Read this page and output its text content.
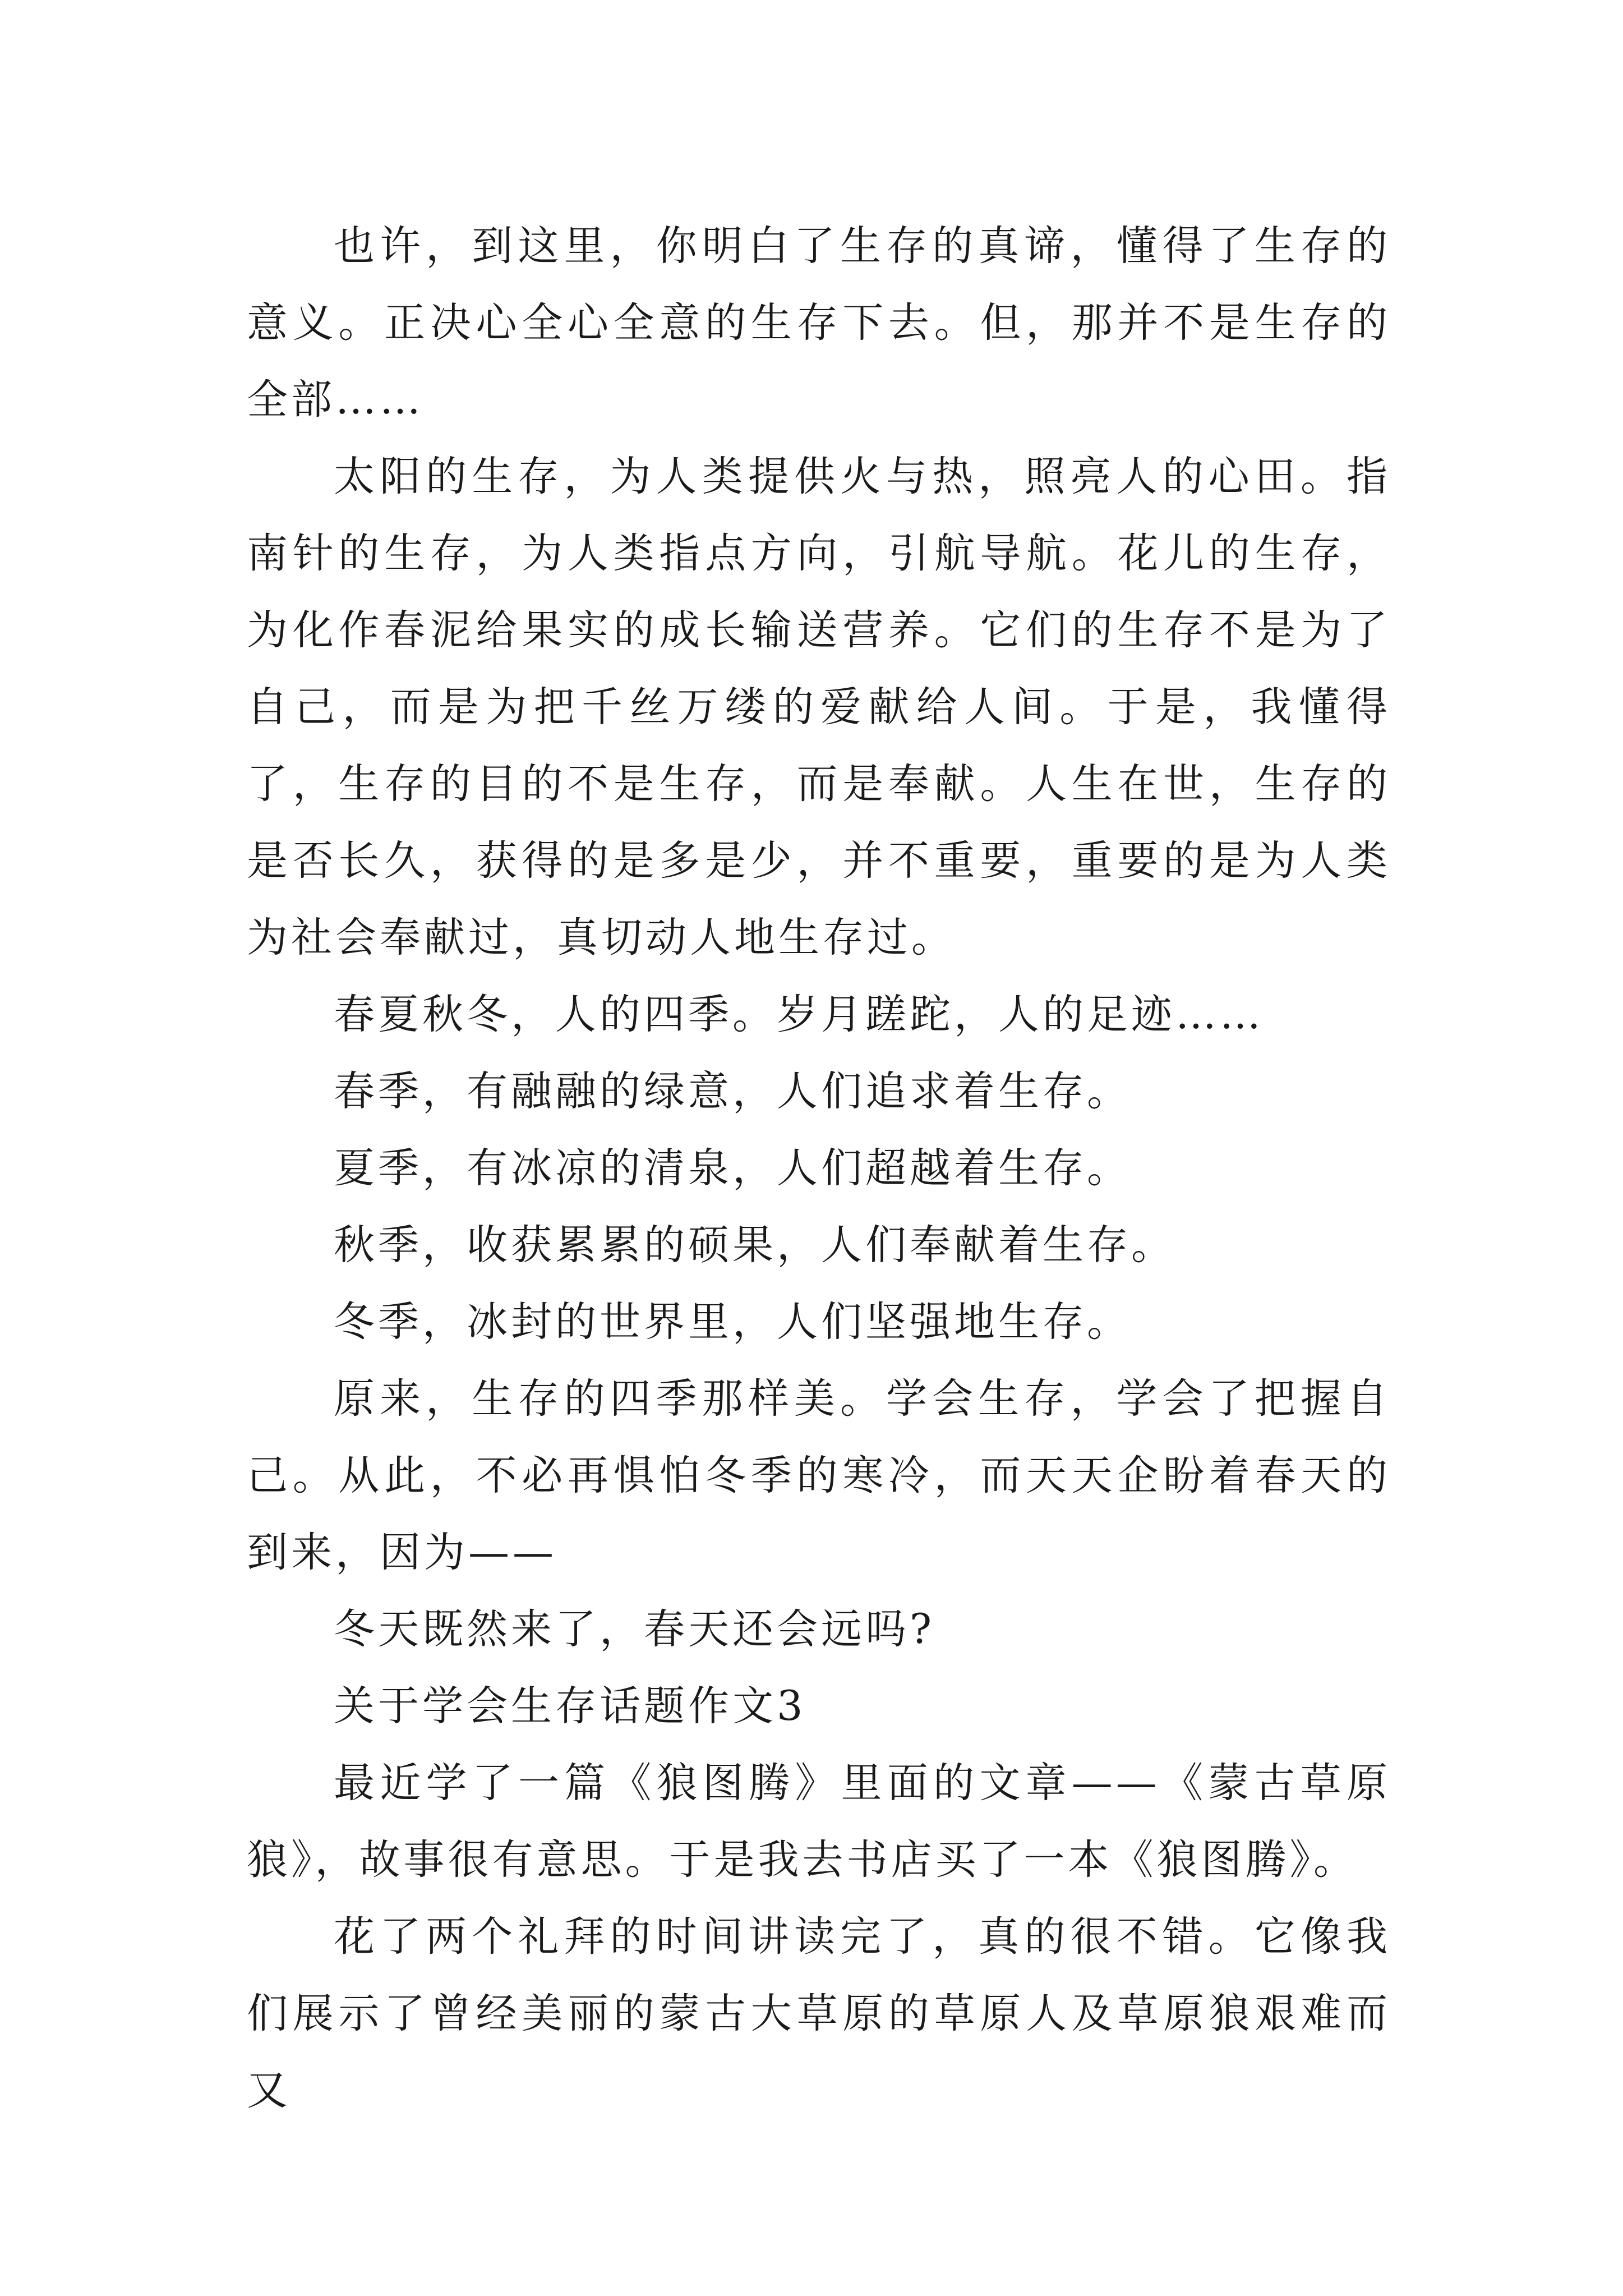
也许，到这里，你明白了生存的真谛，懂得了生存的意义。正决心全心全意的生存下去。但，那并不是生存的全部……

太阳的生存，为人类提供火与热，照亮人的心田。指南针的生存，为人类指点方向，引航导航。花儿的生存，为化作春泥给果实的成长输送营养。它们的生存不是为了自己，而是为把千丝万缕的爱献给人间。于是，我懂得了，生存的目的不是生存，而是奉献。人生在世，生存的是否长久，获得的是多是少，并不重要，重要的是为人类为社会奉献过，真切动人地生存过。

春夏秋冬，人的四季。岁月蹉跎，人的足迹……

春季，有融融的绿意，人们追求着生存。

夏季，有冰凉的清泉，人们超越着生存。

秋季，收获累累的硕果，人们奉献着生存。

冬季，冰封的世界里，人们坚强地生存。

原来，生存的四季那样美。学会生存，学会了把握自己。从此，不必再惧怕冬季的寒冷，而天天企盼着春天的到来，因为——

冬天既然来了，春天还会远吗?

关于学会生存话题作文3

最近学了一篇《狼图腾》里面的文章——《蒙古草原狼》，故事很有意思。于是我去书店买了一本《狼图腾》。

花了两个礼拜的时间讲读完了，真的很不错。它像我们展示了曾经美丽的蒙古大草原的草原人及草原狼艰难而又
